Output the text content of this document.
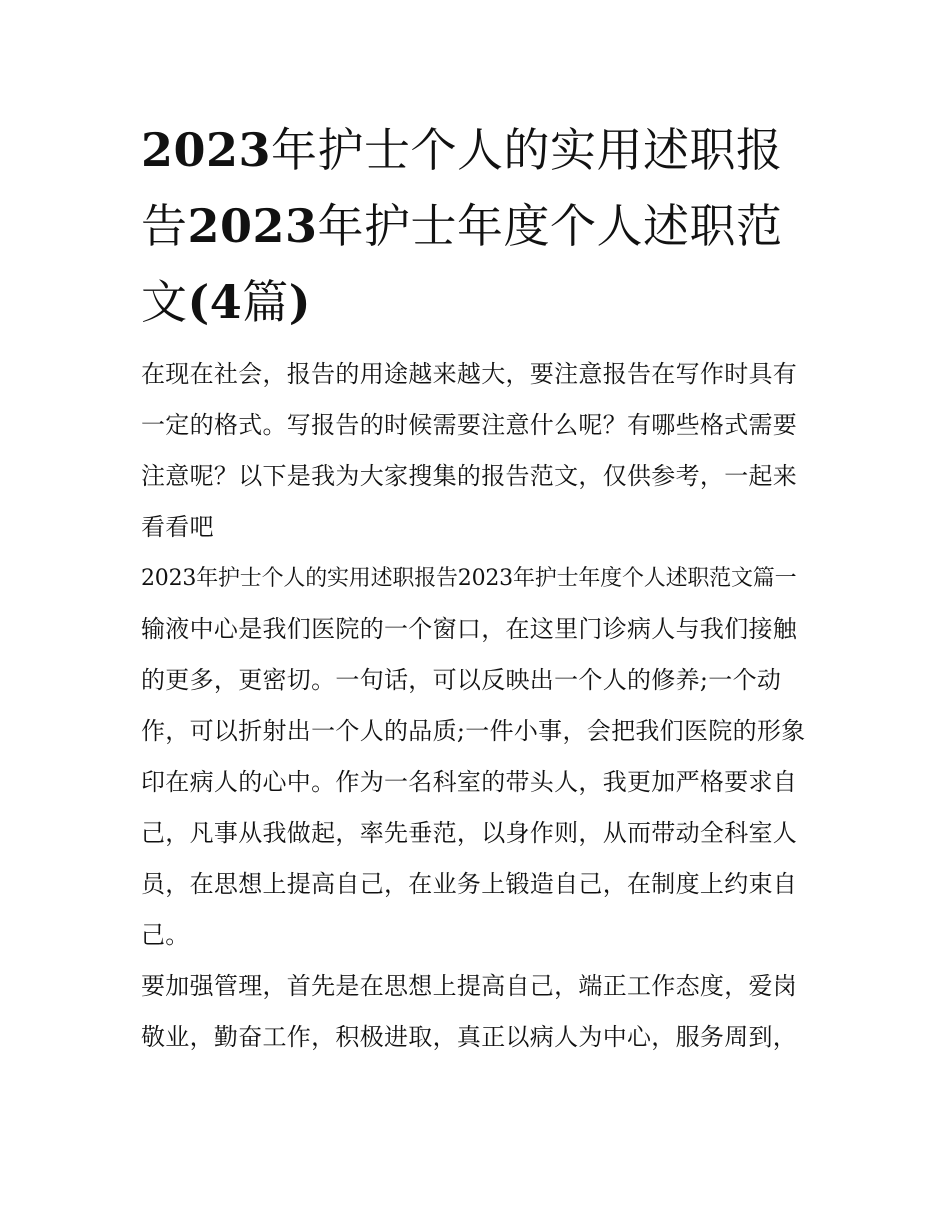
2023年护士个人的实用述职报告2023年护士年度个人述职范文(4篇)

在现在社会，报告的用途越来越大，要注意报告在写作时具有一定的格式。写报告的时候需要注意什么呢？有哪些格式需要注意呢？以下是我为大家搜集的报告范文，仅供参考，一起来看看吧

2023年护士个人的实用述职报告2023年护士年度个人述职范文篇一

输液中心是我们医院的一个窗口，在这里门诊病人与我们接触的更多，更密切。一句话，可以反映出一个人的修养;一个动作，可以折射出一个人的品质;一件小事，会把我们医院的形象印在病人的心中。作为一名科室的带头人，我更加严格要求自己，凡事从我做起，率先垂范，以身作则，从而带动全科室人员，在思想上提高自己，在业务上锻造自己，在制度上约束自己。

要加强管理，首先是在思想上提高自己，端正工作态度，爱岗敬业，勤奋工作，积极进取，真正以病人为中心，服务周到，
